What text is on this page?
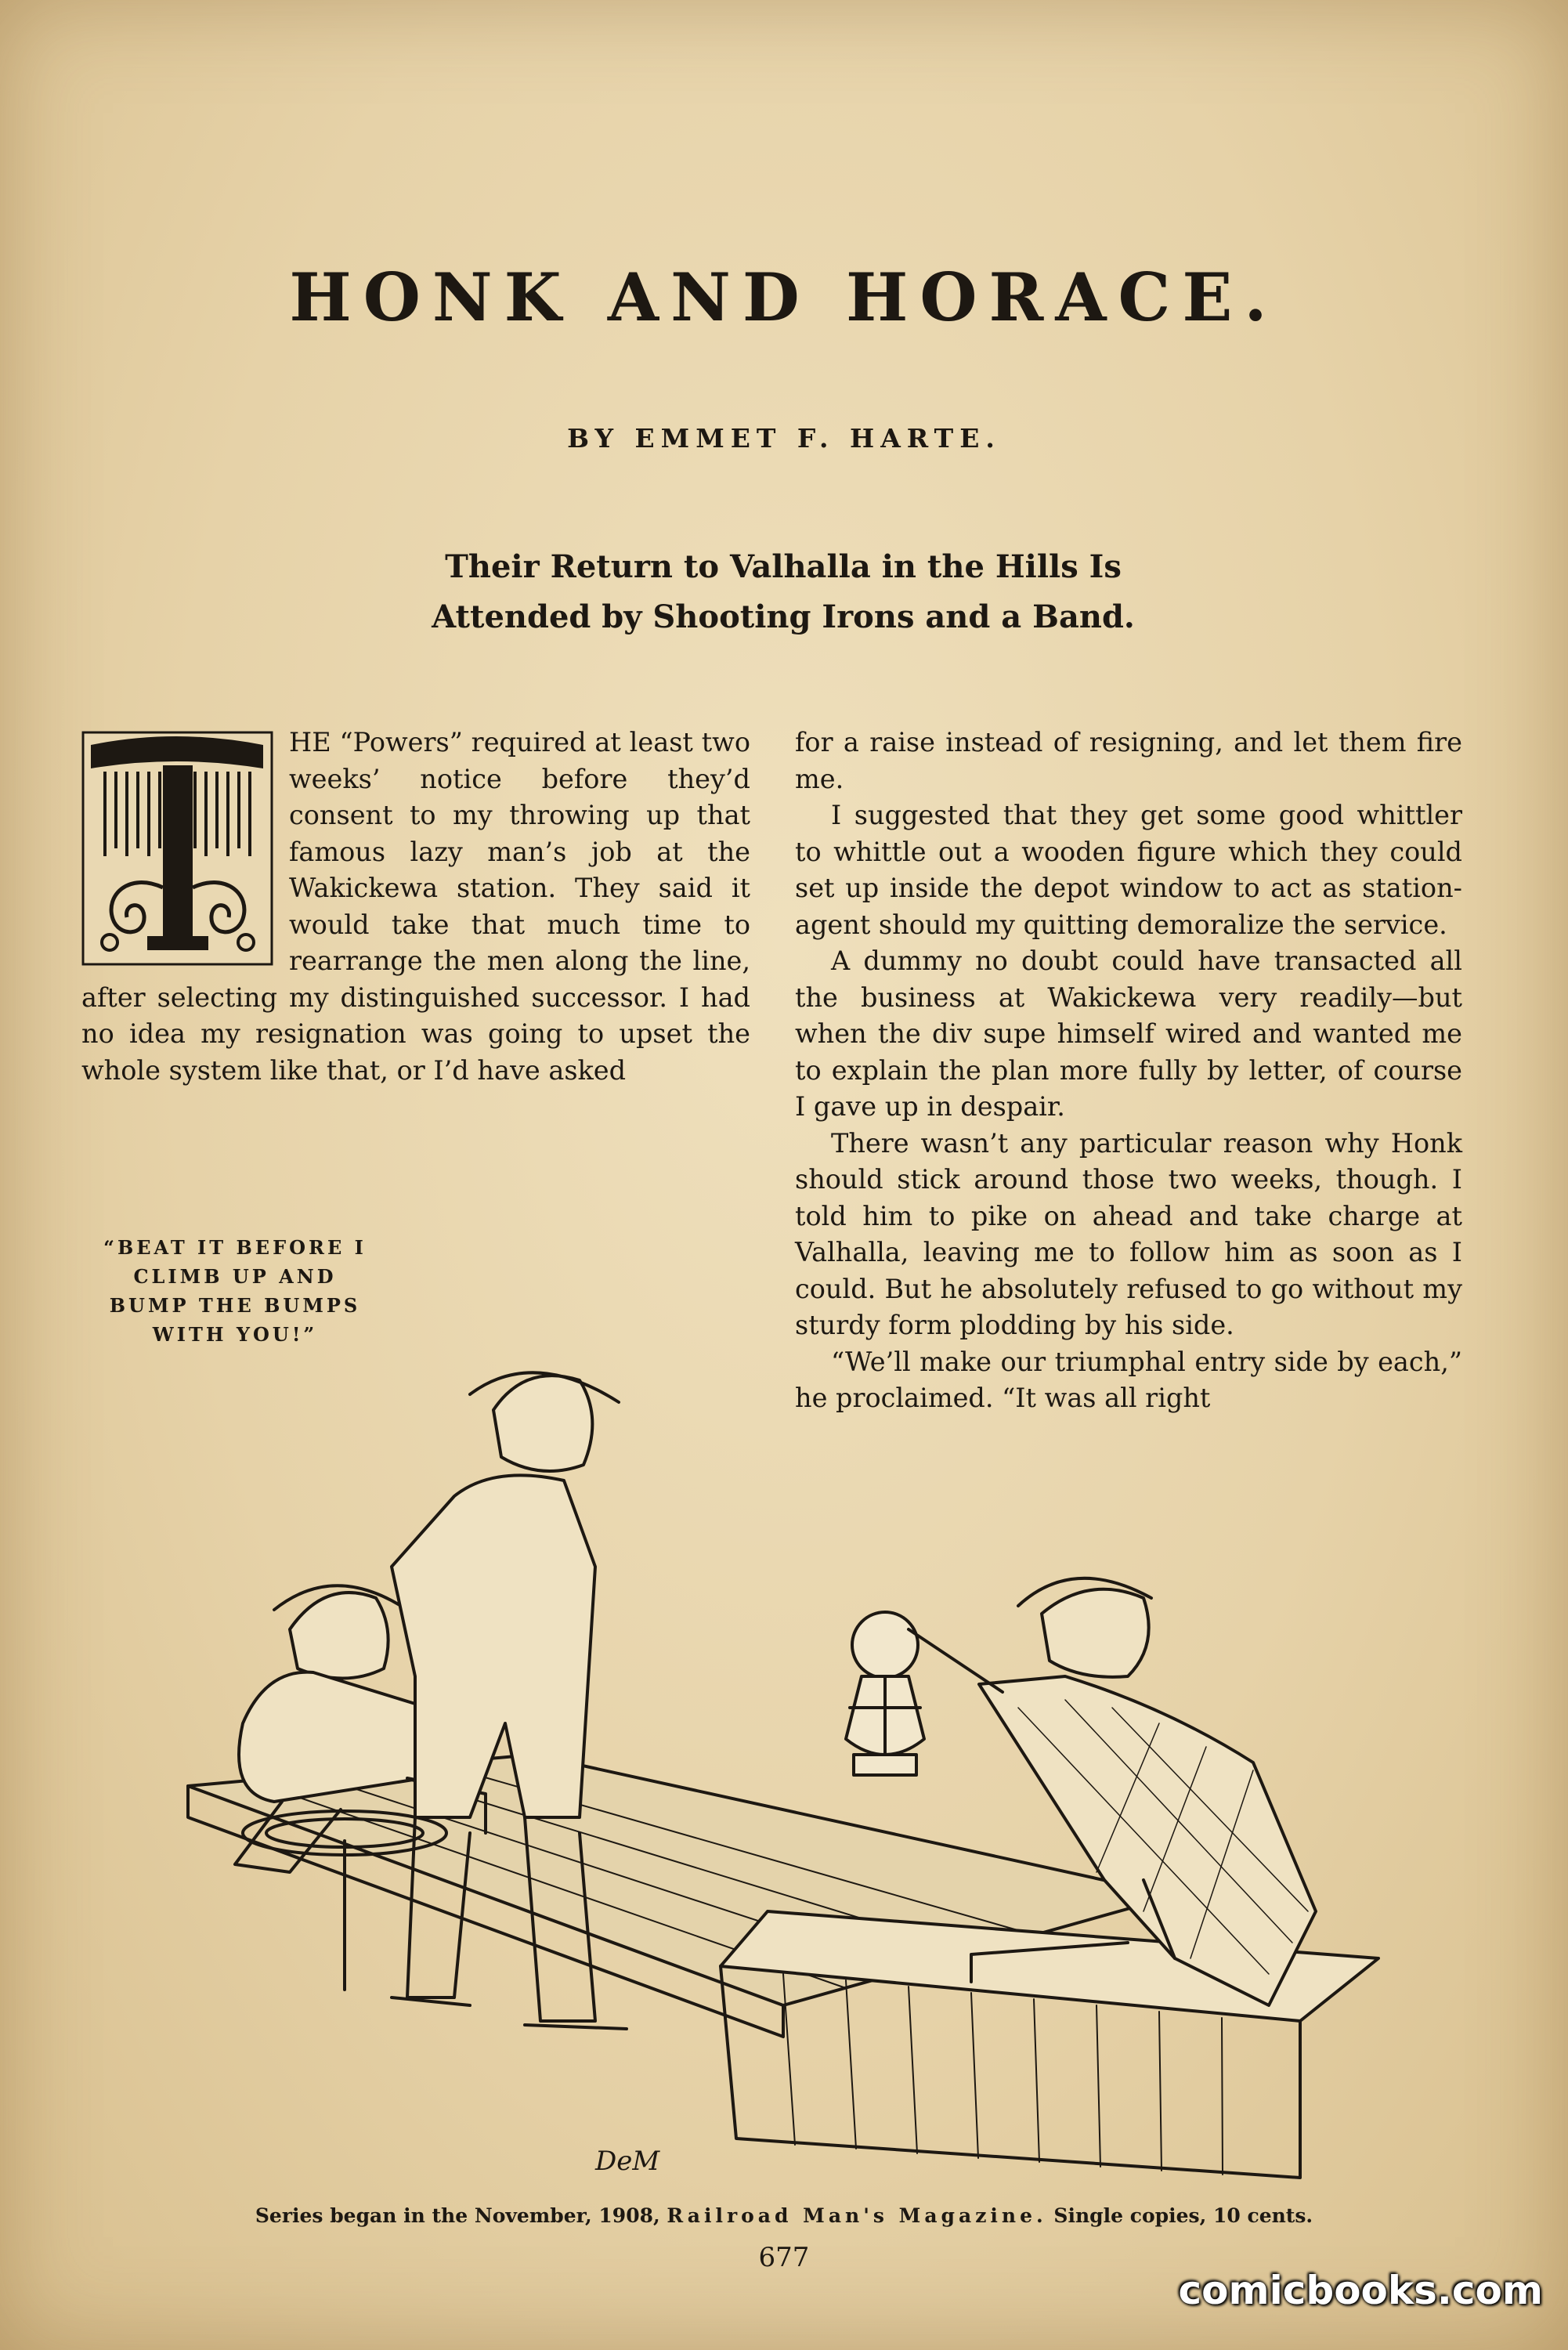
HONK AND HORACE.
BY EMMET F. HARTE.
Their Return to Valhalla in the Hills Is
Attended by Shooting Irons and a Band.

HE “Powers” required at least two weeks’ notice before they’d consent to my throwing up that famous lazy man’s job at the Wakickewa station. They said it would take that much time to rearrange the men along the line, after selecting my distinguished successor. I had no idea my resignation was going to upset the whole system like that, or I’d have asked

for a raise instead of resigning, and let them fire me.

I suggested that they get some good whittler to whittle out a wooden figure which they could set up inside the depot window to act as station-agent should my quitting demoralize the service.

A dummy no doubt could have transacted all the business at Wakickewa very readily—but when the div supe himself wired and wanted me to explain the plan more fully by letter, of course I gave up in despair.

There wasn’t any particular reason why Honk should stick around those two weeks, though. I told him to pike on ahead and take charge at Valhalla, leaving me to follow him as soon as I could. But he absolutely refused to go without my sturdy form plodding by his side.

“We’ll make our triumphal entry side by each,” he proclaimed. “It was all right

“BEAT IT BEFORE I
CLIMB UP AND
BUMP THE BUMPS
WITH YOU!”
DeM
Series began in the November, 1908, Railroad Man's Magazine. Single copies, 10 cents.
677
comicbooks.com
